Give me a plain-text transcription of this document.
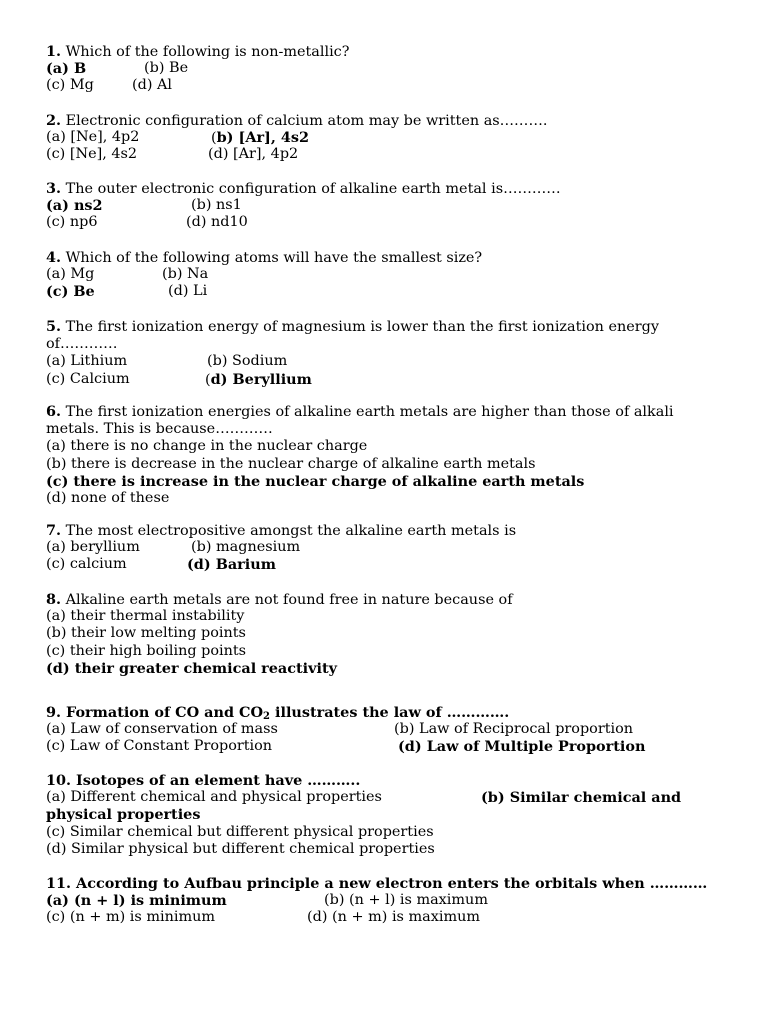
1. Which of the following is non-metallic?
(a) B	(b) Be
(c) Mg	(d) Al
2. Electronic configuration of calcium atom may be written as……….
(a) [Ne], 4p2	(b) [Ar], 4s2
(c) [Ne], 4s2	(d) [Ar], 4p2
3. The outer electronic configuration of alkaline earth metal is…………
(a) ns2	(b) ns1
(c) np6	(d) nd10
4. Which of the following atoms will have the smallest size?
(a) Mg	(b) Na
(c) Be	(d) Li
5. The first ionization energy of magnesium is lower than the first ionization energy of…………
(a) Lithium	(b) Sodium
(c) Calcium	(d) Beryllium
6. The first ionization energies of alkaline earth metals are higher than those of alkali metals. This is because…………
(a) there is no change in the nuclear charge
(b) there is decrease in the nuclear charge of alkaline earth metals
(c) there is increase in the nuclear charge of alkaline earth metals
(d) none of these
7. The most electropositive amongst the alkaline earth metals is
(a) beryllium	(b) magnesium
(c) calcium	(d) Barium
8. Alkaline earth metals are not found free in nature because of
(a) their thermal instability
(b) their low melting points
(c) their high boiling points
(d) their greater chemical reactivity
9. Formation of CO and $CO_2$ illustrates the law of ………….
(a) Law of conservation of mass	(b) Law of Reciprocal proportion
(c) Law of Constant Proportion	(d) Law of Multiple Proportion
10. Isotopes of an element have ………..
(a) Different chemical and physical properties	(b) Similar chemical and
physical properties
(c) Similar chemical but different physical properties
(d) Similar physical but different chemical properties
11. According to Aufbau principle a new electron enters the orbitals when …………
(a) (n + l) is minimum	(b) (n + l) is maximum
(c) (n + m) is minimum	(d) (n + m) is maximum
